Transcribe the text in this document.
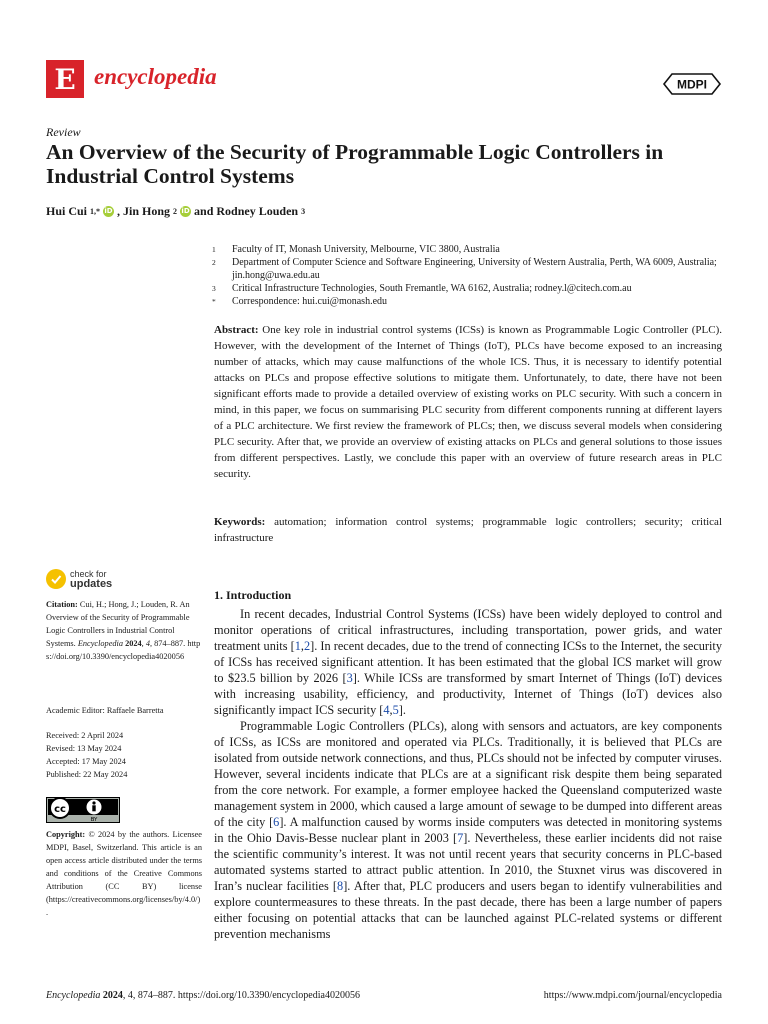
E encyclopedia	MDPI
Review
An Overview of the Security of Programmable Logic Controllers in Industrial Control Systems
Hui Cui 1,* iD , Jin Hong 2 iD and Rodney Louden 3
1	Faculty of IT, Monash University, Melbourne, VIC 3800, Australia
2	Department of Computer Science and Software Engineering, University of Western Australia, Perth, WA 6009, Australia; jin.hong@uwa.edu.au
3	Critical Infrastructure Technologies, South Fremantle, WA 6162, Australia; rodney.l@citech.com.au
*	Correspondence: hui.cui@monash.edu

Abstract: One key role in industrial control systems (ICSs) is known as Programmable Logic Controller (PLC). However, with the development of the Internet of Things (IoT), PLCs have become exposed to an increasing number of attacks, which may cause malfunctions of the whole ICS. Thus, it is necessary to identify potential attacks on PLCs and propose effective solutions to mitigate them. Unfortunately, to date, there have not been significant efforts made to provide a detailed overview of existing works on PLC security. With such a concern in mind, in this paper, we focus on summarising PLC security from different components running at different layers of a PLC architecture. We first review the framework of PLCs; then, we discuss several models when considering PLC security. After that, we provide an overview of existing attacks on PLCs and general solutions to those issues from different perspectives. Lastly, we conclude this paper with an overview of future research areas in PLC security.

Keywords: automation; information control systems; programmable logic controllers; security; critical infrastructure

check for
updates

Citation: Cui, H.; Hong, J.; Louden, R. An Overview of the Security of Programmable Logic Controllers in Industrial Control Systems. Encyclopedia 2024, 4, 874–887. https://doi.org/10.3390/encyclopedia4020056

Academic Editor: Raffaele Barretta

Received: 2 April 2024
Revised: 13 May 2024
Accepted: 17 May 2024
Published: 22 May 2024
cc
BY

Copyright: © 2024 by the authors. Licensee MDPI, Basel, Switzerland. This article is an open access article distributed under the terms and conditions of the Creative Commons Attribution (CC BY) license (https://creativecommons.org/licenses/by/4.0/).

1. Introduction

In recent decades, Industrial Control Systems (ICSs) have been widely deployed to control and monitor operations of critical infrastructures, including transportation, power grids, and water treatment units [1,2]. In recent decades, due to the trend of connecting ICSs to the Internet, the security of ICSs has received significant attention. It has been estimated that the global ICS market will grow to $23.5 billion by 2026 [3]. While ICSs are transformed by smart Internet of Things (IoT) devices with increasing usability, efficiency, and productivity, Internet of Things (IoT) devices also significantly impact ICS security [4,5].

Programmable Logic Controllers (PLCs), along with sensors and actuators, are key components of ICSs, as ICSs are monitored and operated via PLCs. Traditionally, it is believed that PLCs are isolated from outside network connections, and thus, PLCs should not be infected by computer viruses. However, several incidents indicate that PLCs are at a significant risk despite them being separated from the core network. For example, a former employee hacked the Queensland computerized waste management system in 2000, which caused a large amount of sewage to be dumped into different areas of the city [6]. A malfunction caused by worms inside computers was detected in monitoring systems in the Ohio Davis-Besse nuclear plant in 2003 [7]. Nevertheless, these earlier incidents did not raise the scientific community’s interest. It was not until recent years that security concerns in PLC-based automated systems started to attract public attention. In 2010, the Stuxnet virus was discovered in Iran’s nuclear facilities [8]. After that, PLC producers and users began to identify vulnerabilities and explore countermeasures to these threats. In the past decade, there has been a large number of papers either focusing on potential attacks that can be launched against PLC-related systems or different prevention mechanisms

Encyclopedia 2024, 4, 874–887. https://doi.org/10.3390/encyclopedia4020056	https://www.mdpi.com/journal/encyclopedia
